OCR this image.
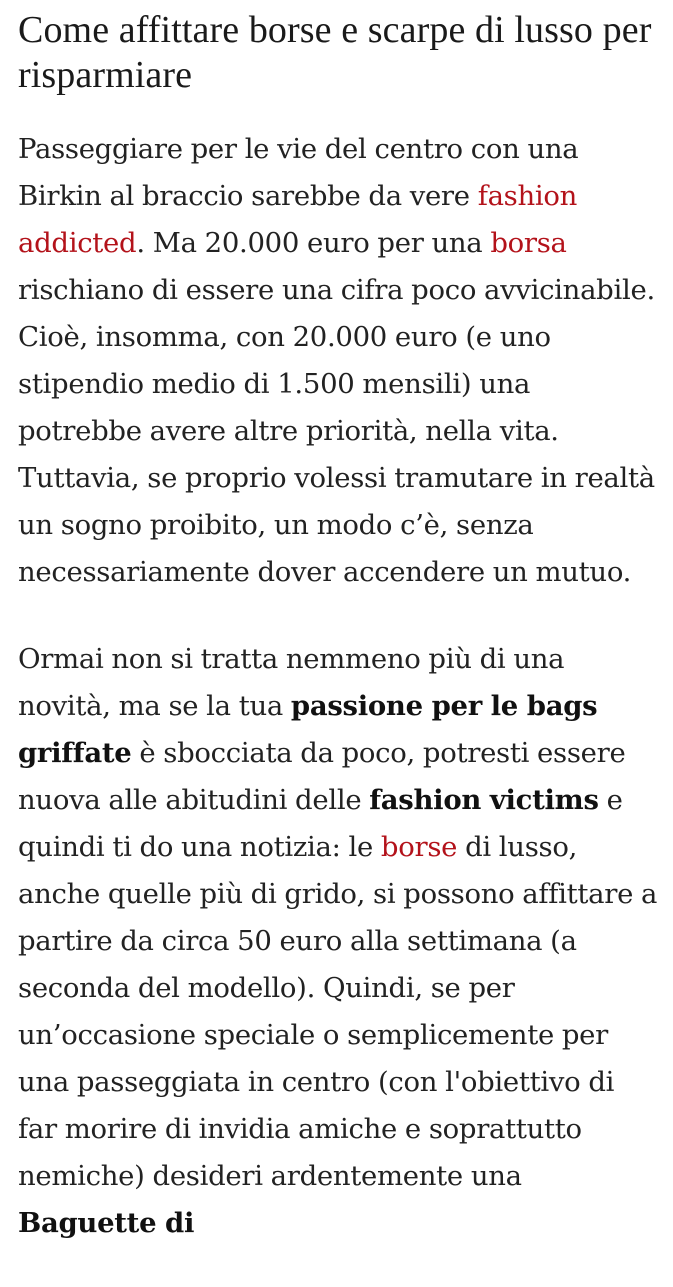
Come affittare borse e scarpe di lusso per risparmiare

Passeggiare per le vie del centro con una Birkin al braccio sarebbe da vere fashion addicted. Ma 20.000 euro per una borsa rischiano di essere una cifra poco avvicinabile. Cioè, insomma, con 20.000 euro (e uno stipendio medio di 1.500 mensili) una potrebbe avere altre priorità, nella vita. Tuttavia, se proprio volessi tramutare in realtà un sogno proibito, un modo c’è, senza necessariamente dover accendere un mutuo.

Ormai non si tratta nemmeno più di una novità, ma se la tua passione per le bags griffate è sbocciata da poco, potresti essere nuova alle abitudini delle fashion victims e quindi ti do una notizia: le borse di lusso, anche quelle più di grido, si possono affittare a partire da circa 50 euro alla settimana (a seconda del modello). Quindi, se per un’occasione speciale o semplicemente per una passeggiata in centro (con l'obiettivo di far morire di invidia amiche e soprattutto nemiche) desideri ardentemente una Baguette di
